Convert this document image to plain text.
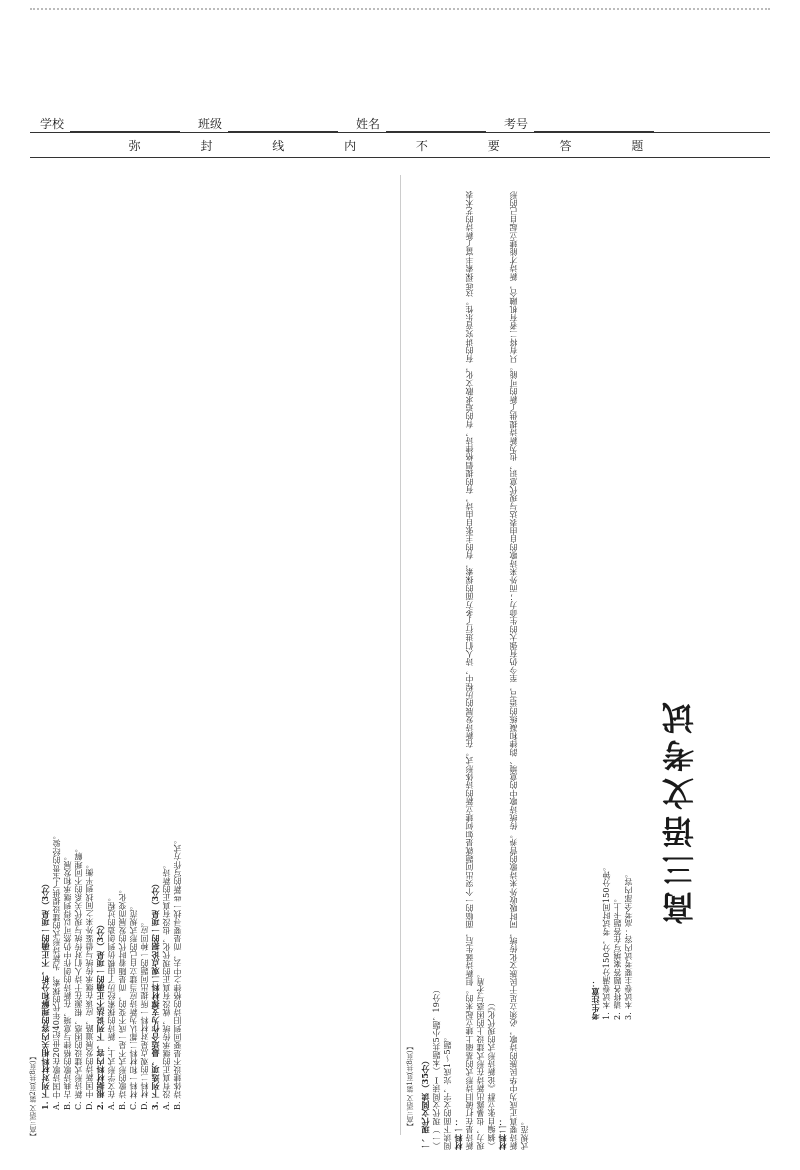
学校	班级	姓名	考号
弥 封 线 内 不 要 答 题
高三语文考试
考生注意： 1. 本试卷满分150分，考试时间150分钟。 2. 请将各题答案填写在答题卡上。 3. 本试卷主要考试内容：高考全部内容。
一、现代文阅读（35分） （一）现代文阅读Ⅰ（本题共5小题，19分） 阅读下面的文字，完成1～5题。 材料一： 新诗是在打破旧诗形式的基础上建立起来的。但新诗诞生后，面临的一个突出问题就是如何建立新的诗体形式。在新诗发展的历程中，诗人们进行了多方面的探索，有的主张自由诗，有的提倡格律诗，有的追求散文化，有的讲究音乐性。这些探索丰富了新诗的艺术表现力，也暴露出新诗在形式建设上的困惑与矛盾。 （摘编自张立群《论新诗形式的现代化》） 材料二： 新诗要真正成为中华民族的诗歌，必须立足于民族文化传统，同时吸收外来诗歌的营养。传统诗歌中的意境、韵律和凝练的语言，至今仍有强大的生命力；而外来诗歌的自由表达与现代意识，也为新诗提供了新的可能。只有将二者有机融合，新诗才能建立起自己的形式规范。
【高三语文 第1页(共8页)】
1. 下列对材料相关内容的理解和分析，不正确的一项是（3分） A. 中国诗歌在20世纪40年代的探索，为新诗形式的建设提供了宝贵的经验。 B. 古典诗歌的格律与意境，在新诗的创作中仍然可以得到继承和发展。 C. 新诗形式建设的困惑，根源在于诗人们对传统与现代关系的不同理解。 D. 中国新诗的发展道路，应该在继承传统与借鉴外来之间找到平衡。 2. 根据材料内容，下列说法不正确的一项是（3分） A. 在文学形式上，新诗的探索经历了由模仿到创造的过程。 B. 诗歌的形式不是一成不变的，而是随着时代的发展而变化。 C. 材料一和材料二都认为新诗应当建立自己的形式规范。 D. 材料二的观点是对材料一所提出问题的一种回应。 3. 下列选项，最适合作为支撑材料二观点论据的一项是（3分） A. 没有真正的继承传统，就没有真正的现代化，也没有真正的新诗。 B. 诗体建设不是要回到旧诗的格律之中去，而是要寻找一些新的写作方式。
【高三语文 第2页(共8页)】
